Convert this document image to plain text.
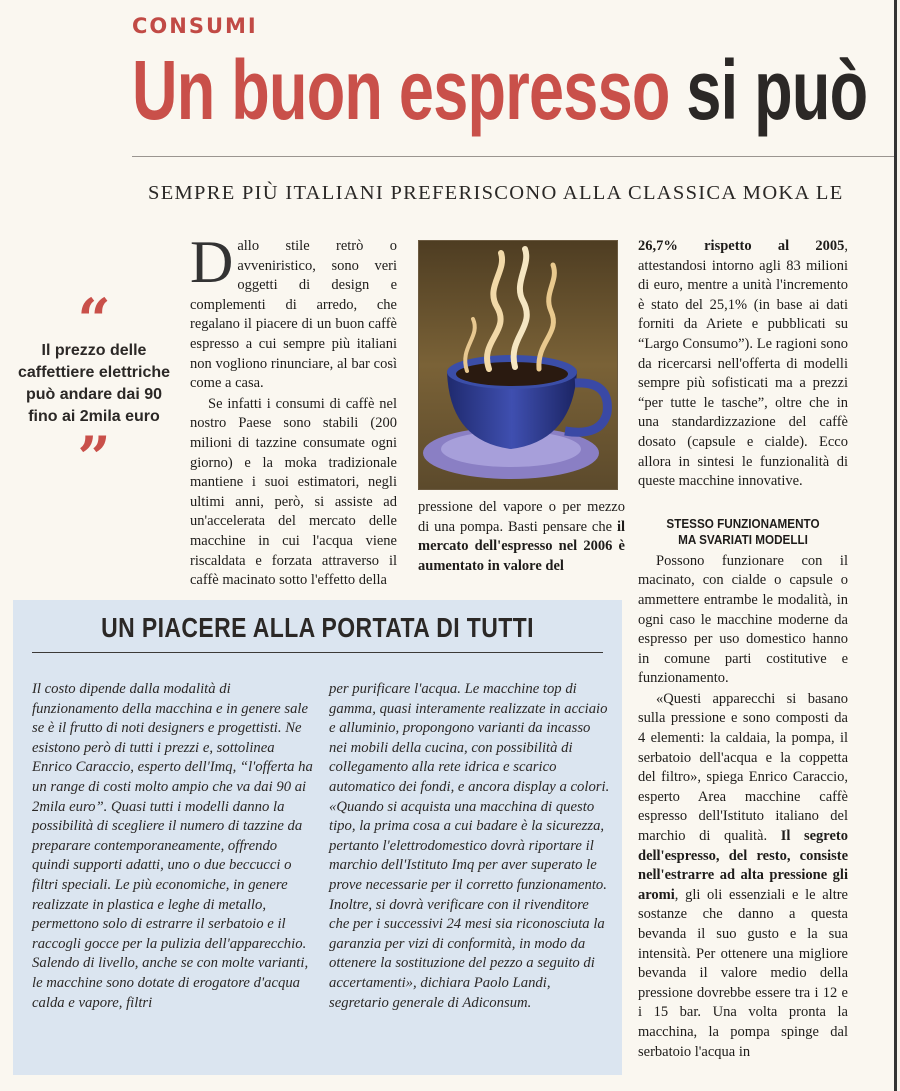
CONSUMI
Un buon espresso si può
SEMPRE PIÙ ITALIANI PREFERISCONO ALLA CLASSICA MOKA LE
“
Il prezzo delle caffettiere elettriche può andare dai 90 fino ai 2mila euro
”

Dallo stile retrò o avveniristico, sono veri oggetti di design e complementi di arredo, che regalano il piacere di un buon caffè espresso a cui sempre più italiani non vogliono rinunciare, al bar così come a casa.

Se infatti i consumi di caffè nel nostro Paese sono stabili (200 milioni di tazzine consumate ogni giorno) e la moka tradizionale mantiene i suoi estimatori, negli ultimi anni, però, si assiste ad un'accelerata del mercato delle macchine in cui l'acqua viene riscaldata e forzata attraverso il caffè macinato sotto l'effetto della

pressione del vapore o per mezzo di una pompa. Basti pensare che il mercato dell'espresso nel 2006 è aumentato in valore del

26,7% rispetto al 2005, attestandosi intorno agli 83 milioni di euro, mentre a unità l'incremento è stato del 25,1% (in base ai dati forniti da Ariete e pubblicati su “Largo Consumo”). Le ragioni sono da ricercarsi nell'offerta di modelli sempre più sofisticati ma a prezzi “per tutte le tasche”, oltre che in una standardizzazione del caffè dosato (capsule e cialde). Ecco allora in sintesi le funzionalità di queste macchine innovative.

STESSO FUNZIONAMENTO
MA SVARIATI MODELLI

Possono funzionare con il macinato, con cialde o capsule o ammettere entrambe le modalità, in ogni caso le macchine moderne da espresso per uso domestico hanno in comune parti costitutive e funzionamento.

«Questi apparecchi si basano sulla pressione e sono composti da 4 elementi: la caldaia, la pompa, il serbatoio dell'acqua e la coppetta del filtro», spiega Enrico Caraccio, esperto Area macchine caffè espresso dell'Istituto italiano del marchio di qualità. Il segreto dell'espresso, del resto, consiste nell'estrarre ad alta pressione gli aromi, gli oli essenziali e le altre sostanze che danno a questa bevanda il suo gusto e la sua intensità. Per ottenere una migliore bevanda il valore medio della pressione dovrebbe essere tra i 12 e i 15 bar. Una volta pronta la macchina, la pompa spinge dal serbatoio l'acqua in

UN PIACERE ALLA PORTATA DI TUTTI
Il costo dipende dalla modalità di funzionamento della macchina e in genere sale se è il frutto di noti designers e progettisti. Ne esistono però di tutti i prezzi e, sottolinea Enrico Caraccio, esperto dell'Imq, “l'offerta ha un range di costi molto ampio che va dai 90 ai 2mila euro”. Quasi tutti i modelli danno la possibilità di scegliere il numero di tazzine da preparare contemporaneamente, offrendo quindi supporti adatti, uno o due beccucci o filtri speciali. Le più economiche, in genere realizzate in plastica e leghe di metallo, permettono solo di estrarre il serbatoio e il raccogli gocce per la pulizia dell'apparecchio. Salendo di livello, anche se con molte varianti, le macchine sono dotate di erogatore d'acqua calda e vapore, filtri
per purificare l'acqua. Le macchine top di gamma, quasi interamente realizzate in acciaio e alluminio, propongono varianti da incasso nei mobili della cucina, con possibilità di collegamento alla rete idrica e scarico automatico dei fondi, e ancora display a colori. «Quando si acquista una macchina di questo tipo, la prima cosa a cui badare è la sicurezza, pertanto l'elettrodomestico dovrà riportare il marchio dell'Istituto Imq per aver superato le prove necessarie per il corretto funzionamento. Inoltre, si dovrà verificare con il rivenditore che per i successivi 24 mesi sia riconosciuta la garanzia per vizi di conformità, in modo da ottenere la sostituzione del pezzo a seguito di accertamenti», dichiara Paolo Landi, segretario generale di Adiconsum.
